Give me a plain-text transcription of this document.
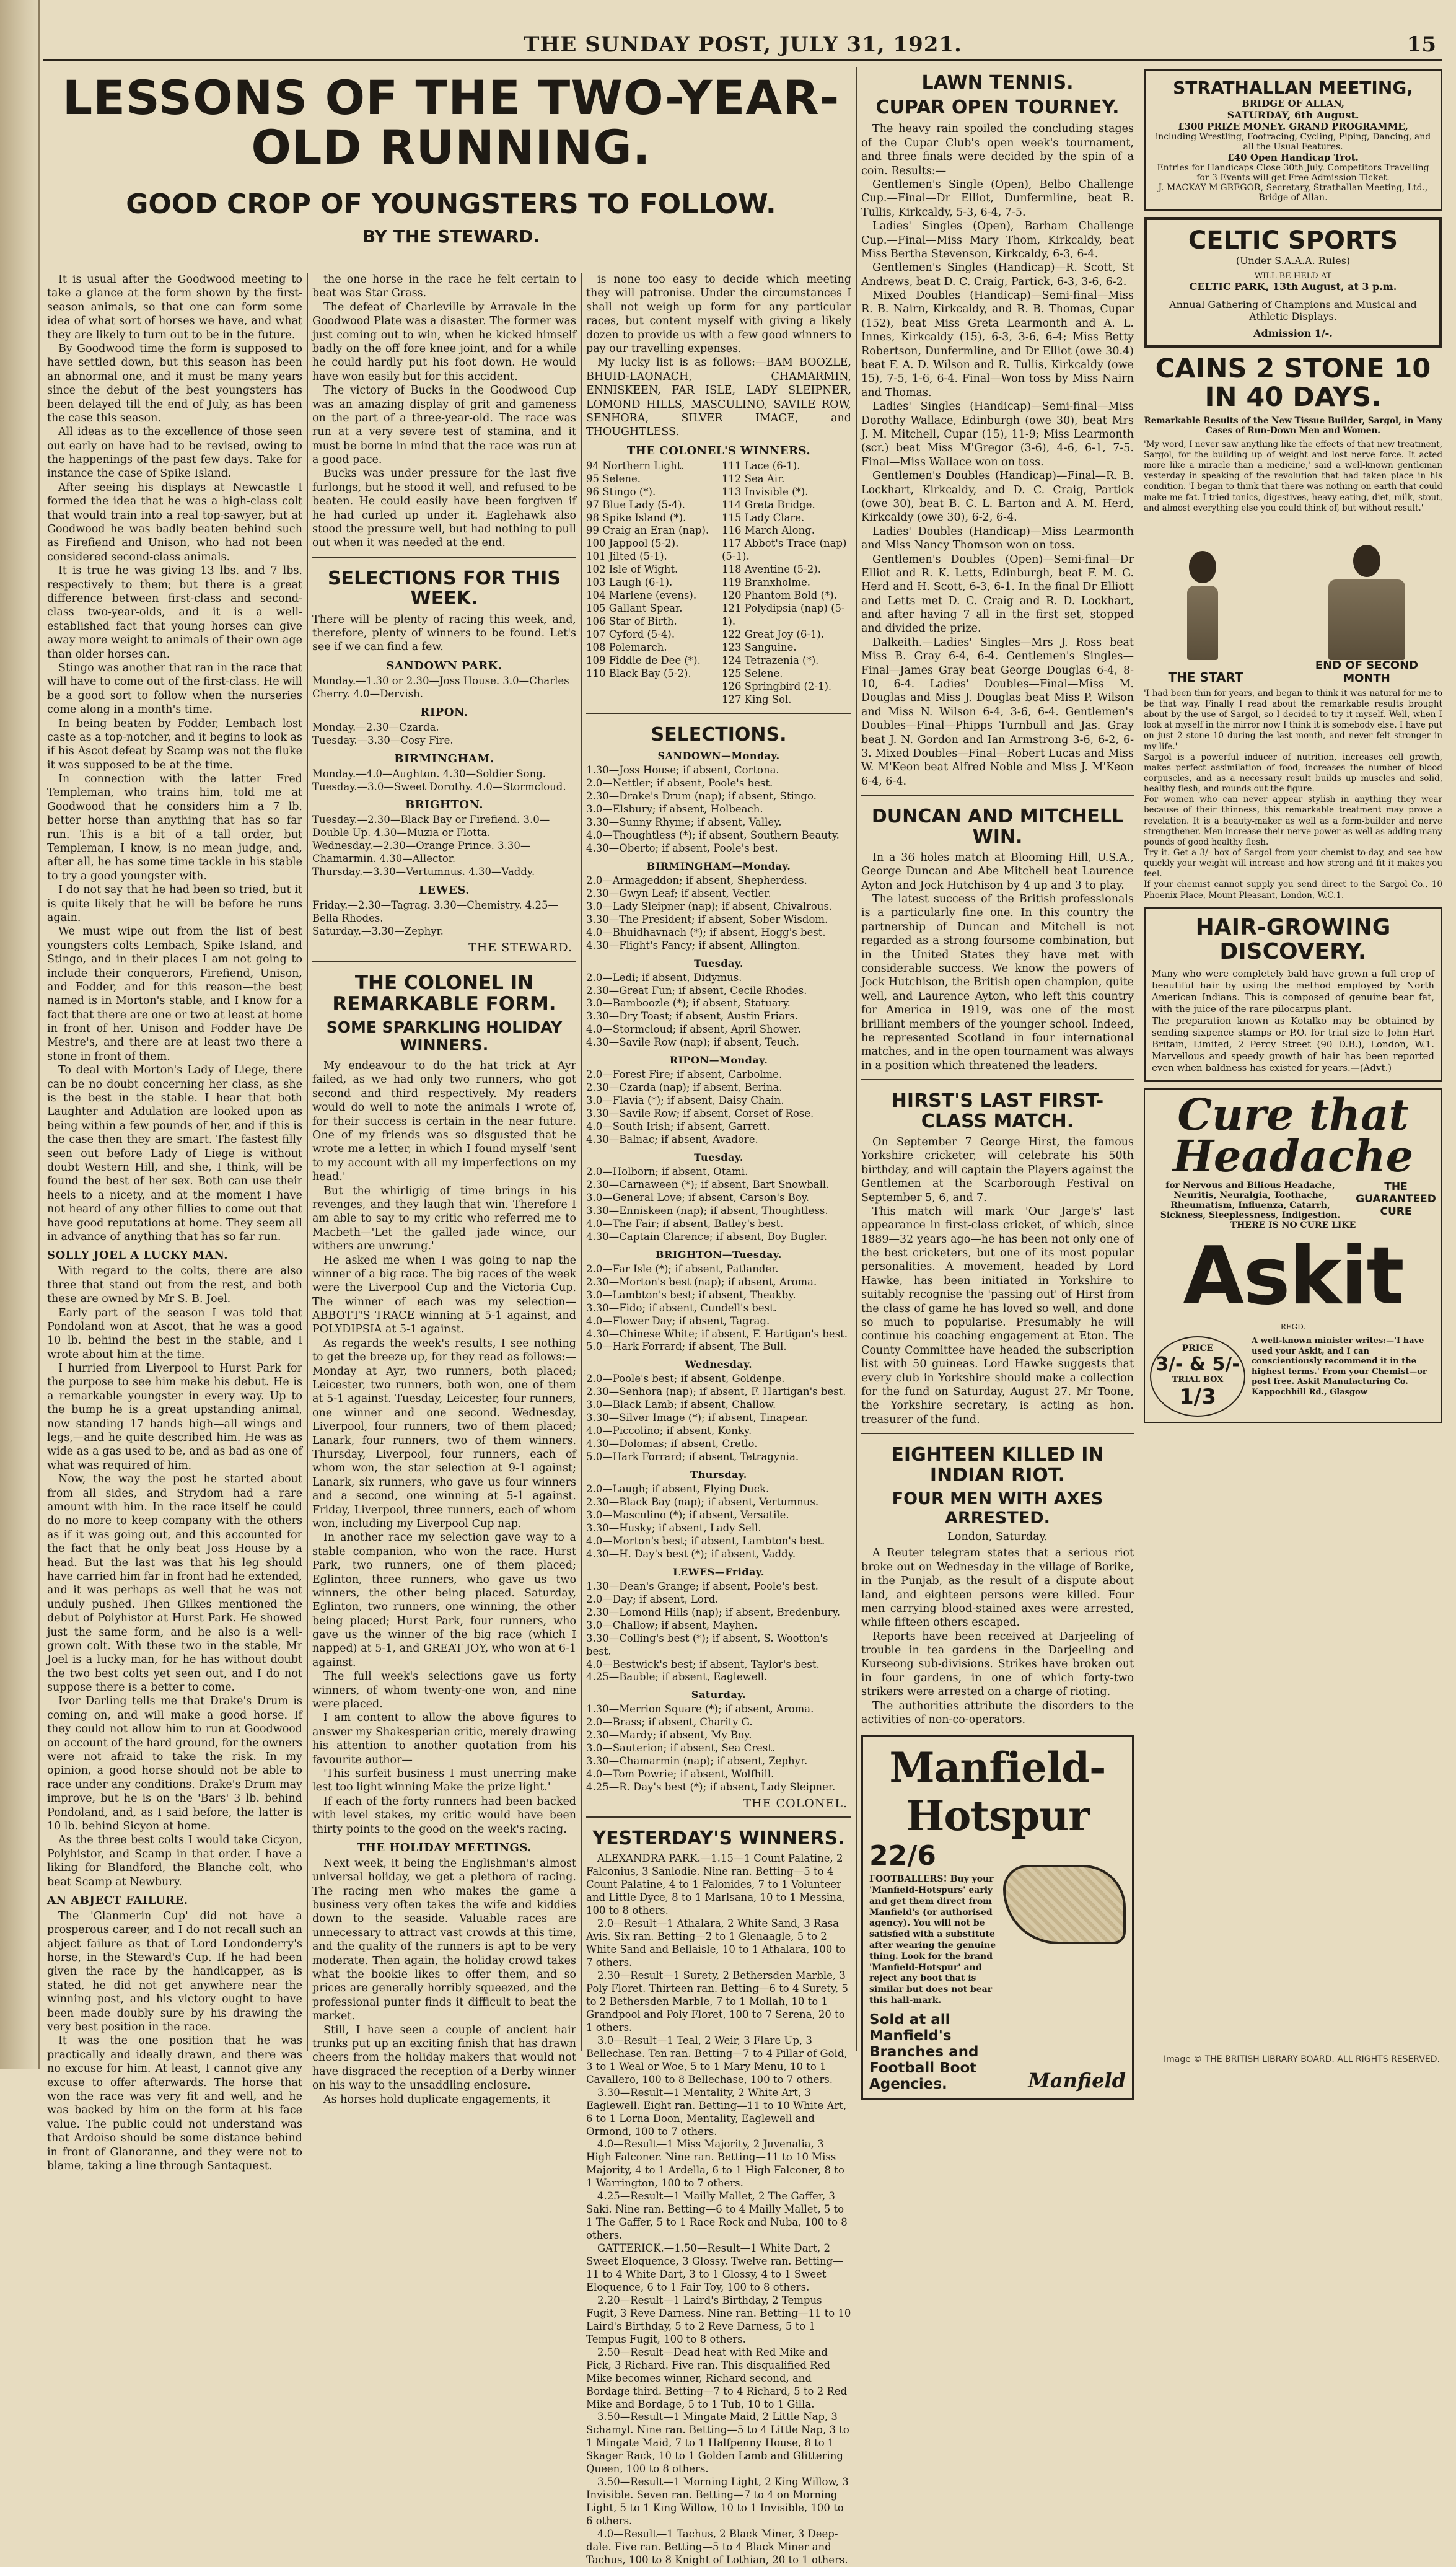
THE SUNDAY POST, JULY 31, 1921.	15
LESSONS OF THE TWO-YEAR-OLD RUNNING.
GOOD CROP OF YOUNGSTERS TO FOLLOW.
BY THE STEWARD.

It is usual after the Goodwood meeting to take a glance at the form shown by the first-season animals, so that one can form some idea of what sort of horses we have, and what they are likely to turn out to be in the future.

By Goodwood time the form is supposed to have settled down, but this season has been an abnormal one, and it must be many years since the debut of the best youngsters has been delayed till the end of July, as has been the case this season.

All ideas as to the excellence of those seen out early on have had to be revised, owing to the happenings of the past few days. Take for instance the case of Spike Island.

After seeing his displays at Newcastle I formed the idea that he was a high-class colt that would train into a real top-sawyer, but at Goodwood he was badly beaten behind such as Firefiend and Unison, who had not been considered second-class animals.

It is true he was giving 13 lbs. and 7 lbs. respectively to them; but there is a great difference between first-class and second-class two-year-olds, and it is a well-established fact that young horses can give away more weight to animals of their own age than older horses can.

Stingo was another that ran in the race that will have to come out of the first-class. He will be a good sort to follow when the nurseries come along in a month's time.

In being beaten by Fodder, Lembach lost caste as a top-notcher, and it begins to look as if his Ascot defeat by Scamp was not the fluke it was supposed to be at the time.

In connection with the latter Fred Templeman, who trains him, told me at Goodwood that he considers him a 7 lb. better horse than anything that has so far run. This is a bit of a tall order, but Templeman, I know, is no mean judge, and, after all, he has some time tackle in his stable to try a good youngster with.

I do not say that he had been so tried, but it is quite likely that he will be before he runs again.

We must wipe out from the list of best youngsters colts Lembach, Spike Island, and Stingo, and in their places I am not going to include their conquerors, Firefiend, Unison, and Fodder, and for this reason—the best named is in Morton's stable, and I know for a fact that there are one or two at least at home in front of her. Unison and Fodder have De Mestre's, and there are at least two there a stone in front of them.

To deal with Morton's Lady of Liege, there can be no doubt concerning her class, as she is the best in the stable. I hear that both Laughter and Adulation are looked upon as being within a few pounds of her, and if this is the case then they are smart. The fastest filly seen out before Lady of Liege is without doubt Western Hill, and she, I think, will be found the best of her sex. Both can use their heels to a nicety, and at the moment I have not heard of any other fillies to come out that have good reputations at home. They seem all in advance of anything that has so far run.

SOLLY JOEL A LUCKY MAN.

With regard to the colts, there are also three that stand out from the rest, and both these are owned by Mr S. B. Joel.

Early part of the season I was told that Pondoland won at Ascot, that he was a good 10 lb. behind the best in the stable, and I wrote about him at the time.

I hurried from Liverpool to Hurst Park for the purpose to see him make his debut. He is a remarkable youngster in every way. Up to the bump he is a great upstanding animal, now standing 17 hands high—all wings and legs,—and he quite described him. He was as wide as a gas used to be, and as bad as one of what was required of him.

Now, the way the post he started about from all sides, and Strydom had a rare amount with him. In the race itself he could do no more to keep company with the others as if it was going out, and this accounted for the fact that he only beat Joss House by a head. But the last was that his leg should have carried him far in front had he extended, and it was perhaps as well that he was not unduly pushed. Then Gilkes mentioned the debut of Polyhistor at Hurst Park. He showed just the same form, and he also is a well-grown colt. With these two in the stable, Mr Joel is a lucky man, for he has without doubt the two best colts yet seen out, and I do not suppose there is a better to come.

Ivor Darling tells me that Drake's Drum is coming on, and will make a good horse. If they could not allow him to run at Goodwood on account of the hard ground, for the owners were not afraid to take the risk. In my opinion, a good horse should not be able to race under any conditions. Drake's Drum may improve, but he is on the 'Bars' 3 lb. behind Pondoland, and, as I said before, the latter is 10 lb. behind Sicyon at home.

As the three best colts I would take Cicyon, Polyhistor, and Scamp in that order. I have a liking for Blandford, the Blanche colt, who beat Scamp at Newbury.

AN ABJECT FAILURE.

The 'Glanmerin Cup' did not have a prosperous career, and I do not recall such an abject failure as that of Lord Londonderry's horse, in the Steward's Cup. If he had been given the race by the handicapper, as is stated, he did not get anywhere near the winning post, and his victory ought to have been made doubly sure by his drawing the very best position in the race.

It was the one position that he was practically and ideally drawn, and there was no excuse for him. At least, I cannot give any excuse to offer afterwards. The horse that won the race was very fit and well, and he was backed by him on the form at his face value. The public could not understand was that Ardoiso should be some distance behind in front of Glanoranne, and they were not to blame, taking a line through Santaquest.

the one horse in the race he felt certain to beat was Star Grass.

The defeat of Charleville by Arravale in the Goodwood Plate was a disaster. The former was just coming out to win, when he kicked himself badly on the off fore knee joint, and for a while he could hardly put his foot down. He would have won easily but for this accident.

The victory of Bucks in the Goodwood Cup was an amazing display of grit and gameness on the part of a three-year-old. The race was run at a very severe test of stamina, and it must be borne in mind that the race was run at a good pace.

Bucks was under pressure for the last five furlongs, but he stood it well, and refused to be beaten. He could easily have been forgiven if he had curled up under it. Eaglehawk also stood the pressure well, but had nothing to pull out when it was needed at the end.

SELECTIONS FOR THIS WEEK.

There will be plenty of racing this week, and, therefore, plenty of winners to be found. Let's see if we can find a few.

SANDOWN PARK.

Monday.—1.30 or 2.30—Joss House. 3.0—Charles Cherry. 4.0—Dervish.

RIPON.

Monday.—2.30—Czarda.

Tuesday.—3.30—Cosy Fire.

BIRMINGHAM.

Monday.—4.0—Aughton. 4.30—Soldier Song.

Tuesday.—3.0—Sweet Dorothy. 4.0—Stormcloud.

BRIGHTON.

Tuesday.—2.30—Black Bay or Firefiend. 3.0—Double Up. 4.30—Muzia or Flotta.

Wednesday.—2.30—Orange Prince. 3.30—Chamarmin. 4.30—Allector.

Thursday.—3.30—Vertumnus. 4.30—Vaddy.

LEWES.

Friday.—2.30—Tagrag. 3.30—Chemistry. 4.25—Bella Rhodes.

Saturday.—3.30—Zephyr.

THE STEWARD.
THE COLONEL IN REMARKABLE FORM.
SOME SPARKLING HOLIDAY WINNERS.

My endeavour to do the hat trick at Ayr failed, as we had only two runners, who got second and third respectively. My readers would do well to note the animals I wrote of, for their success is certain in the near future. One of my friends was so disgusted that he wrote me a letter, in which I found myself 'sent to my account with all my imperfections on my head.'

But the whirligig of time brings in his revenges, and they laugh that win. Therefore I am able to say to my critic who referred me to Macbeth—'Let the galled jade wince, our withers are unwrung.'

He asked me when I was going to nap the winner of a big race. The big races of the week were the Liverpool Cup and the Victoria Cup. The winner of each was my selection—ABBOTT'S TRACE winning at 5-1 against, and POLYDIPSIA at 5-1 against.

As regards the week's results, I see nothing to get the breeze up, for they read as follows:—Monday at Ayr, two runners, both placed; Leicester, two runners, both won, one of them at 5-1 against. Tuesday, Leicester, four runners, one winner and one second. Wednesday, Liverpool, four runners, two of them placed; Lanark, four runners, two of them winners. Thursday, Liverpool, four runners, each of whom won, the star selection at 9-1 against; Lanark, six runners, who gave us four winners and a second, one winning at 5-1 against. Friday, Liverpool, three runners, each of whom won, including my Liverpool Cup nap.

In another race my selection gave way to a stable companion, who won the race. Hurst Park, two runners, one of them placed; Eglinton, three runners, who gave us two winners, the other being placed. Saturday, Eglinton, two runners, one winning, the other being placed; Hurst Park, four runners, who gave us the winner of the big race (which I napped) at 5-1, and GREAT JOY, who won at 6-1 against.

The full week's selections gave us forty winners, of whom twenty-one won, and nine were placed.

I am content to allow the above figures to answer my Shakesperian critic, merely drawing his attention to another quotation from his favourite author—

'This surfeit business I must unerring make lest too light winning Make the prize light.'

If each of the forty runners had been backed with level stakes, my critic would have been thirty points to the good on the week's racing.

THE HOLIDAY MEETINGS.

Next week, it being the Englishman's almost universal holiday, we get a plethora of racing. The racing men who makes the game a business very often takes the wife and kiddies down to the seaside. Valuable races are unnecessary to attract vast crowds at this time, and the quality of the runners is apt to be very moderate. Then again, the holiday crowd takes what the bookie likes to offer them, and so prices are generally horribly squeezed, and the professional punter finds it difficult to beat the market.

Still, I have seen a couple of ancient hair trunks put up an exciting finish that has drawn cheers from the holiday makers that would not have disgraced the reception of a Derby winner on his way to the unsaddling enclosure.

As horses hold duplicate engagements, it

is none too easy to decide which meeting they will patronise. Under the circumstances I shall not weigh up form for any particular races, but content myself with giving a likely dozen to provide us with a few good winners to pay our travelling expenses.

My lucky list is as follows:—BAM BOOZLE, BHUID-LAONACH, CHAMARMIN, ENNISKEEN, FAR ISLE, LADY SLEIPNER, LOMOND HILLS, MASCULINO, SAVILE ROW, SENHORA, SILVER IMAGE, and THOUGHTLESS.

THE COLONEL'S WINNERS.

94 Northern Light.

95 Selene.

96 Stingo (*).

97 Blue Lady (5-4).

98 Spike Island (*).

99 Craig an Eran (nap).

100 Jappool (5-2).

101 Jilted (5-1).

102 Isle of Wight.

103 Laugh (6-1).

104 Marlene (evens).

105 Gallant Spear.

106 Star of Birth.

107 Cyford (5-4).

108 Polemarch.

109 Fiddle de Dee (*).

110 Black Bay (5-2).

111 Lace (6-1).

112 Sea Air.

113 Invisible (*).

114 Greta Bridge.

115 Lady Clare.

116 March Along.

117 Abbot's Trace (nap) (5-1).

118 Aventine (5-2).

119 Branxholme.

120 Phantom Bold (*).

121 Polydipsia (nap) (5-1).

122 Great Joy (6-1).

123 Sanguine.

124 Tetrazenia (*).

125 Selene.

126 Springbird (2-1).

127 King Sol.

SELECTIONS.
SANDOWN—Monday.

1.30—Joss House; if absent, Cortona.

2.0—Nettler; if absent, Poole's best.

2.30—Drake's Drum (nap); if absent, Stingo.

3.0—Elsbury; if absent, Holbeach.

3.30—Sunny Rhyme; if absent, Valley.

4.0—Thoughtless (*); if absent, Southern Beauty.

4.30—Oberto; if absent, Poole's best.

BIRMINGHAM—Monday.

2.0—Armageddon; if absent, Shepherdess.

2.30—Gwyn Leaf; if absent, Vectler.

3.0—Lady Sleipner (nap); if absent, Chivalrous.

3.30—The President; if absent, Sober Wisdom.

4.0—Bhuidhavnach (*); if absent, Hogg's best.

4.30—Flight's Fancy; if absent, Allington.

Tuesday.

2.0—Ledi; if absent, Didymus.

2.30—Great Fun; if absent, Cecile Rhodes.

3.0—Bamboozle (*); if absent, Statuary.

3.30—Dry Toast; if absent, Austin Friars.

4.0—Stormcloud; if absent, April Shower.

4.30—Savile Row (nap); if absent, Teuch.

RIPON—Monday.

2.0—Forest Fire; if absent, Carbolme.

2.30—Czarda (nap); if absent, Berina.

3.0—Flavia (*); if absent, Daisy Chain.

3.30—Savile Row; if absent, Corset of Rose.

4.0—South Irish; if absent, Garrett.

4.30—Balnac; if absent, Avadore.

Tuesday.

2.0—Holborn; if absent, Otami.

2.30—Carnaween (*); if absent, Bart Snowball.

3.0—General Love; if absent, Carson's Boy.

3.30—Enniskeen (nap); if absent, Thoughtless.

4.0—The Fair; if absent, Batley's best.

4.30—Captain Clarence; if absent, Boy Bugler.

BRIGHTON—Tuesday.

2.0—Far Isle (*); if absent, Patlander.

2.30—Morton's best (nap); if absent, Aroma.

3.0—Lambton's best; if absent, Theakby.

3.30—Fido; if absent, Cundell's best.

4.0—Flower Day; if absent, Tagrag.

4.30—Chinese White; if absent, F. Hartigan's best.

5.0—Hark Forrard; if absent, The Bull.

Wednesday.

2.0—Poole's best; if absent, Goldenpe.

2.30—Senhora (nap); if absent, F. Hartigan's best.

3.0—Black Lamb; if absent, Challow.

3.30—Silver Image (*); if absent, Tinapear.

4.0—Piccolino; if absent, Konky.

4.30—Dolomas; if absent, Cretlo.

5.0—Hark Forrard; if absent, Tetragynia.

Thursday.

2.0—Laugh; if absent, Flying Duck.

2.30—Black Bay (nap); if absent, Vertumnus.

3.0—Masculino (*); if absent, Versatile.

3.30—Husky; if absent, Lady Sell.

4.0—Morton's best; if absent, Lambton's best.

4.30—H. Day's best (*); if absent, Vaddy.

LEWES—Friday.

1.30—Dean's Grange; if absent, Poole's best.

2.0—Day; if absent, Lord.

2.30—Lomond Hills (nap); if absent, Bredenbury.

3.0—Challow; if absent, Mayhen.

3.30—Colling's best (*); if absent, S. Wootton's best.

4.0—Bestwick's best; if absent, Taylor's best.

4.25—Bauble; if absent, Eaglewell.

Saturday.

1.30—Merrion Square (*); if absent, Aroma.

2.0—Brass; if absent, Charity G.

2.30—Mardy; if absent, My Boy.

3.0—Sauterion; if absent, Sea Crest.

3.30—Chamarmin (nap); if absent, Zephyr.

4.0—Tom Powrie; if absent, Wolfhill.

4.25—R. Day's best (*); if absent, Lady Sleipner.

THE COLONEL.
YESTERDAY'S WINNERS.

ALEXANDRA PARK.—1.15—1 Count Palatine, 2 Falconius, 3 Sanlodie. Nine ran. Betting—5 to 4 Count Palatine, 4 to 1 Falonides, 7 to 1 Volunteer and Little Dyce, 8 to 1 Marlsana, 10 to 1 Messina, 100 to 8 others.

2.0—Result—1 Athalara, 2 White Sand, 3 Rasa Avis. Six ran. Betting—2 to 1 Glenaagle, 5 to 2 White Sand and Bellaisle, 10 to 1 Athalara, 100 to 7 others.

2.30—Result—1 Surety, 2 Bethersden Marble, 3 Poly Floret. Thirteen ran. Betting—6 to 4 Surety, 5 to 2 Bethersden Marble, 7 to 1 Mollah, 10 to 1 Grandpool and Poly Floret, 100 to 7 Serena, 20 to 1 others.

3.0—Result—1 Teal, 2 Weir, 3 Flare Up, 3 Bellechase. Ten ran. Betting—7 to 4 Pillar of Gold, 3 to 1 Weal or Woe, 5 to 1 Mary Menu, 10 to 1 Cavallero, 100 to 8 Bellechase, 100 to 7 others.

3.30—Result—1 Mentality, 2 White Art, 3 Eaglewell. Eight ran. Betting—11 to 10 White Art, 6 to 1 Lorna Doon, Mentality, Eaglewell and Ormond, 100 to 7 others.

4.0—Result—1 Miss Majority, 2 Juvenalia, 3 High Falconer. Nine ran. Betting—11 to 10 Miss Majority, 4 to 1 Ardella, 6 to 1 High Falconer, 8 to 1 Warrington, 100 to 7 others.

4.25—Result—1 Mailly Mallet, 2 The Gaffer, 3 Saki. Nine ran. Betting—6 to 4 Mailly Mallet, 5 to 1 The Gaffer, 5 to 1 Race Rock and Nuba, 100 to 8 others.

GATTERICK.—1.50—Result—1 White Dart, 2 Sweet Eloquence, 3 Glossy. Twelve ran. Betting—11 to 4 White Dart, 3 to 1 Glossy, 4 to 1 Sweet Eloquence, 6 to 1 Fair Toy, 100 to 8 others.

2.20—Result—1 Laird's Birthday, 2 Tempus Fugit, 3 Reve Darness. Nine ran. Betting—11 to 10 Laird's Birthday, 5 to 2 Reve Darness, 5 to 1 Tempus Fugit, 100 to 8 others.

2.50—Result—Dead heat with Red Mike and Pick, 3 Richard. Five ran. This disqualified Red Mike becomes winner, Richard second, and Bordage third. Betting—7 to 4 Richard, 5 to 2 Red Mike and Bordage, 5 to 1 Tub, 10 to 1 Gilla.

3.50—Result—1 Mingate Maid, 2 Little Nap, 3 Schamyl. Nine ran. Betting—5 to 4 Little Nap, 3 to 1 Mingate Maid, 7 to 1 Halfpenny House, 8 to 1 Skager Rack, 10 to 1 Golden Lamb and Glittering Queen, 100 to 8 others.

3.50—Result—1 Morning Light, 2 King Willow, 3 Invisible. Seven ran. Betting—7 to 4 on Morning Light, 5 to 1 King Willow, 10 to 1 Invisible, 100 to 6 others.

4.0—Result—1 Tachus, 2 Black Miner, 3 Deep-dale. Five ran. Betting—5 to 4 Black Miner and Tachus, 100 to 8 Knight of Lothian, 20 to 1 others.

LAWN TENNIS.
CUPAR OPEN TOURNEY.

The heavy rain spoiled the concluding stages of the Cupar Club's open week's tournament, and three finals were decided by the spin of a coin. Results:—

Gentlemen's Single (Open), Belbo Challenge Cup.—Final—Dr Elliot, Dunfermline, beat R. Tullis, Kirkcaldy, 5-3, 6-4, 7-5.

Ladies' Singles (Open), Barham Challenge Cup.—Final—Miss Mary Thom, Kirkcaldy, beat Miss Bertha Stevenson, Kirkcaldy, 6-3, 6-4.

Gentlemen's Singles (Handicap)—R. Scott, St Andrews, beat D. C. Craig, Partick, 6-3, 3-6, 6-2.

Mixed Doubles (Handicap)—Semi-final—Miss R. B. Nairn, Kirkcaldy, and R. B. Thomas, Cupar (152), beat Miss Greta Learmonth and A. L. Innes, Kirkcaldy (15), 6-3, 3-6, 6-4; Miss Betty Robertson, Dunfermline, and Dr Elliot (owe 30.4) beat F. A. D. Wilson and R. Tullis, Kirkcaldy (owe 15), 7-5, 1-6, 6-4. Final—Won toss by Miss Nairn and Thomas.

Ladies' Singles (Handicap)—Semi-final—Miss Dorothy Wallace, Edinburgh (owe 30), beat Mrs J. M. Mitchell, Cupar (15), 11-9; Miss Learmonth (scr.) beat Miss M'Gregor (3-6), 4-6, 6-1, 7-5. Final—Miss Wallace won on toss.

Gentlemen's Doubles (Handicap)—Final—R. B. Lockhart, Kirkcaldy, and D. C. Craig, Partick (owe 30), beat B. C. L. Barton and A. M. Herd, Kirkcaldy (owe 30), 6-2, 6-4.

Ladies' Doubles (Handicap)—Miss Learmonth and Miss Nancy Thomson won on toss.

Gentlemen's Doubles (Open)—Semi-final—Dr Elliot and R. K. Letts, Edinburgh, beat F. M. G. Herd and H. Scott, 6-3, 6-1. In the final Dr Elliott and Letts met D. C. Craig and R. D. Lockhart, and after having 7 all in the first set, stopped and divided the prize.

Dalkeith.—Ladies' Singles—Mrs J. Ross beat Miss B. Gray 6-4, 6-4. Gentlemen's Singles—Final—James Gray beat George Douglas 6-4, 8-10, 6-4. Ladies' Doubles—Final—Miss M. Douglas and Miss J. Douglas beat Miss P. Wilson and Miss N. Wilson 6-4, 3-6, 6-4. Gentlemen's Doubles—Final—Phipps Turnbull and Jas. Gray beat J. N. Gordon and Ian Armstrong 3-6, 6-2, 6-3. Mixed Doubles—Final—Robert Lucas and Miss W. M'Keon beat Alfred Noble and Miss J. M'Keon 6-4, 6-4.

DUNCAN AND MITCHELL WIN.

In a 36 holes match at Blooming Hill, U.S.A., George Duncan and Abe Mitchell beat Laurence Ayton and Jock Hutchison by 4 up and 3 to play.

The latest success of the British professionals is a particularly fine one. In this country the partnership of Duncan and Mitchell is not regarded as a strong foursome combination, but in the United States they have met with considerable success. We know the powers of Jock Hutchison, the British open champion, quite well, and Laurence Ayton, who left this country for America in 1919, was one of the most brilliant members of the younger school. Indeed, he represented Scotland in four international matches, and in the open tournament was always in a position which threatened the leaders.

HIRST'S LAST FIRST-CLASS MATCH.

On September 7 George Hirst, the famous Yorkshire cricketer, will celebrate his 50th birthday, and will captain the Players against the Gentlemen at the Scarborough Festival on September 5, 6, and 7.

This match will mark 'Our Jarge's' last appearance in first-class cricket, of which, since 1889—32 years ago—he has been not only one of the best cricketers, but one of its most popular personalities. A movement, headed by Lord Hawke, has been initiated in Yorkshire to suitably recognise the 'passing out' of Hirst from the class of game he has loved so well, and done so much to popularise. Presumably he will continue his coaching engagement at Eton. The County Committee have headed the subscription list with 50 guineas. Lord Hawke suggests that every club in Yorkshire should make a collection for the fund on Saturday, August 27. Mr Toone, the Yorkshire secretary, is acting as hon. treasurer of the fund.

EIGHTEEN KILLED IN INDIAN RIOT.
FOUR MEN WITH AXES ARRESTED.
London, Saturday.

A Reuter telegram states that a serious riot broke out on Wednesday in the village of Borike, in the Punjab, as the result of a dispute about land, and eighteen persons were killed. Four men carrying blood-stained axes were arrested, while fifteen others escaped.

Reports have been received at Darjeeling of trouble in tea gardens in the Darjeeling and Kurseong sub-divisions. Strikes have broken out in four gardens, in one of which forty-two strikers were arrested on a charge of rioting.

The authorities attribute the disorders to the activities of non-co-operators.

Manfield-Hotspur
22/6

FOOTBALLERS! Buy your 'Manfield-Hotspurs' early and get them direct from Manfield's (or authorised agency). You will not be satisfied with a substitute after wearing the genuine thing. Look for the brand 'Manfield-Hotspur' and reject any boot that is similar but does not bear this hall-mark.

Sold at all Manfield's Branches and Football Boot Agencies.	Manfield
STRATHALLAN MEETING,
BRIDGE OF ALLAN,
SATURDAY, 6th August.
£300 PRIZE MONEY. GRAND PROGRAMME,
including Wrestling, Footracing, Cycling, Piping, Dancing, and all the Usual Features.
£40 Open Handicap Trot.
Entries for Handicaps Close 30th July. Competitors Travelling for 3 Events will get Free Admission Ticket.
J. MACKAY M'GREGOR, Secretary, Strathallan Meeting, Ltd., Bridge of Allan.
CELTIC SPORTS
(Under S.A.A.A. Rules)
WILL BE HELD AT
CELTIC PARK, 13th August, at 3 p.m.
Annual Gathering of Champions and Musical and Athletic Displays.
Admission 1/-.
CAINS 2 STONE 10 IN 40 DAYS.
Remarkable Results of the New Tissue Builder, Sargol, in Many Cases of Run-Down Men and Women.

'My word, I never saw anything like the effects of that new treatment, Sargol, for the building up of weight and lost nerve force. It acted more like a miracle than a medicine,' said a well-known gentleman yesterday in speaking of the revolution that had taken place in his condition. 'I began to think that there was nothing on earth that could make me fat. I tried tonics, digestives, heavy eating, diet, milk, stout, and almost everything else you could think of, but without result.'

THE START
END OF SECOND MONTH

'I had been thin for years, and began to think it was natural for me to be that way. Finally I read about the remarkable results brought about by the use of Sargol, so I decided to try it myself. Well, when I look at myself in the mirror now I think it is somebody else. I have put on just 2 stone 10 during the last month, and never felt stronger in my life.'

Sargol is a powerful inducer of nutrition, increases cell growth, makes perfect assimilation of food, increases the number of blood corpuscles, and as a necessary result builds up muscles and solid, healthy flesh, and rounds out the figure.

For women who can never appear stylish in anything they wear because of their thinness, this remarkable treatment may prove a revelation. It is a beauty-maker as well as a form-builder and nerve strengthener. Men increase their nerve power as well as adding many pounds of good healthy flesh.

Try it. Get a 3/- box of Sargol from your chemist to-day, and see how quickly your weight will increase and how strong and fit it makes you feel.

If your chemist cannot supply you send direct to the Sargol Co., 10 Phoenix Place, Mount Pleasant, London, W.C.1.

HAIR-GROWING DISCOVERY.

Many who were completely bald have grown a full crop of beautiful hair by using the method employed by North American Indians. This is composed of genuine bear fat, with the juice of the rare pilocarpus plant.

The preparation known as Kotalko may be obtained by sending sixpence stamps or P.O. for trial size to John Hart Britain, Limited, 2 Percy Street (90 D.B.), London, W.1. Marvellous and speedy growth of hair has been reported even when baldness has existed for years.—(Advt.)

Cure that Headache
for Nervous and Bilious Headache, Neuritis, Neuralgia, Toothache, Rheumatism, Influenza, Catarrh, Sickness, Sleeplessness, Indigestion.
THE GUARANTEED CURE
THERE IS NO CURE LIKE
Askit
REGD.
PRICE
3/- & 5/-
TRIAL BOX
1/3

A well-known minister writes:—'I have used your Askit, and I can conscientiously recommend it in the highest terms.' From your Chemist—or post free. Askit Manufacturing Co. Kappochhill Rd., Glasgow

Image © THE BRITISH LIBRARY BOARD. ALL RIGHTS RESERVED.
